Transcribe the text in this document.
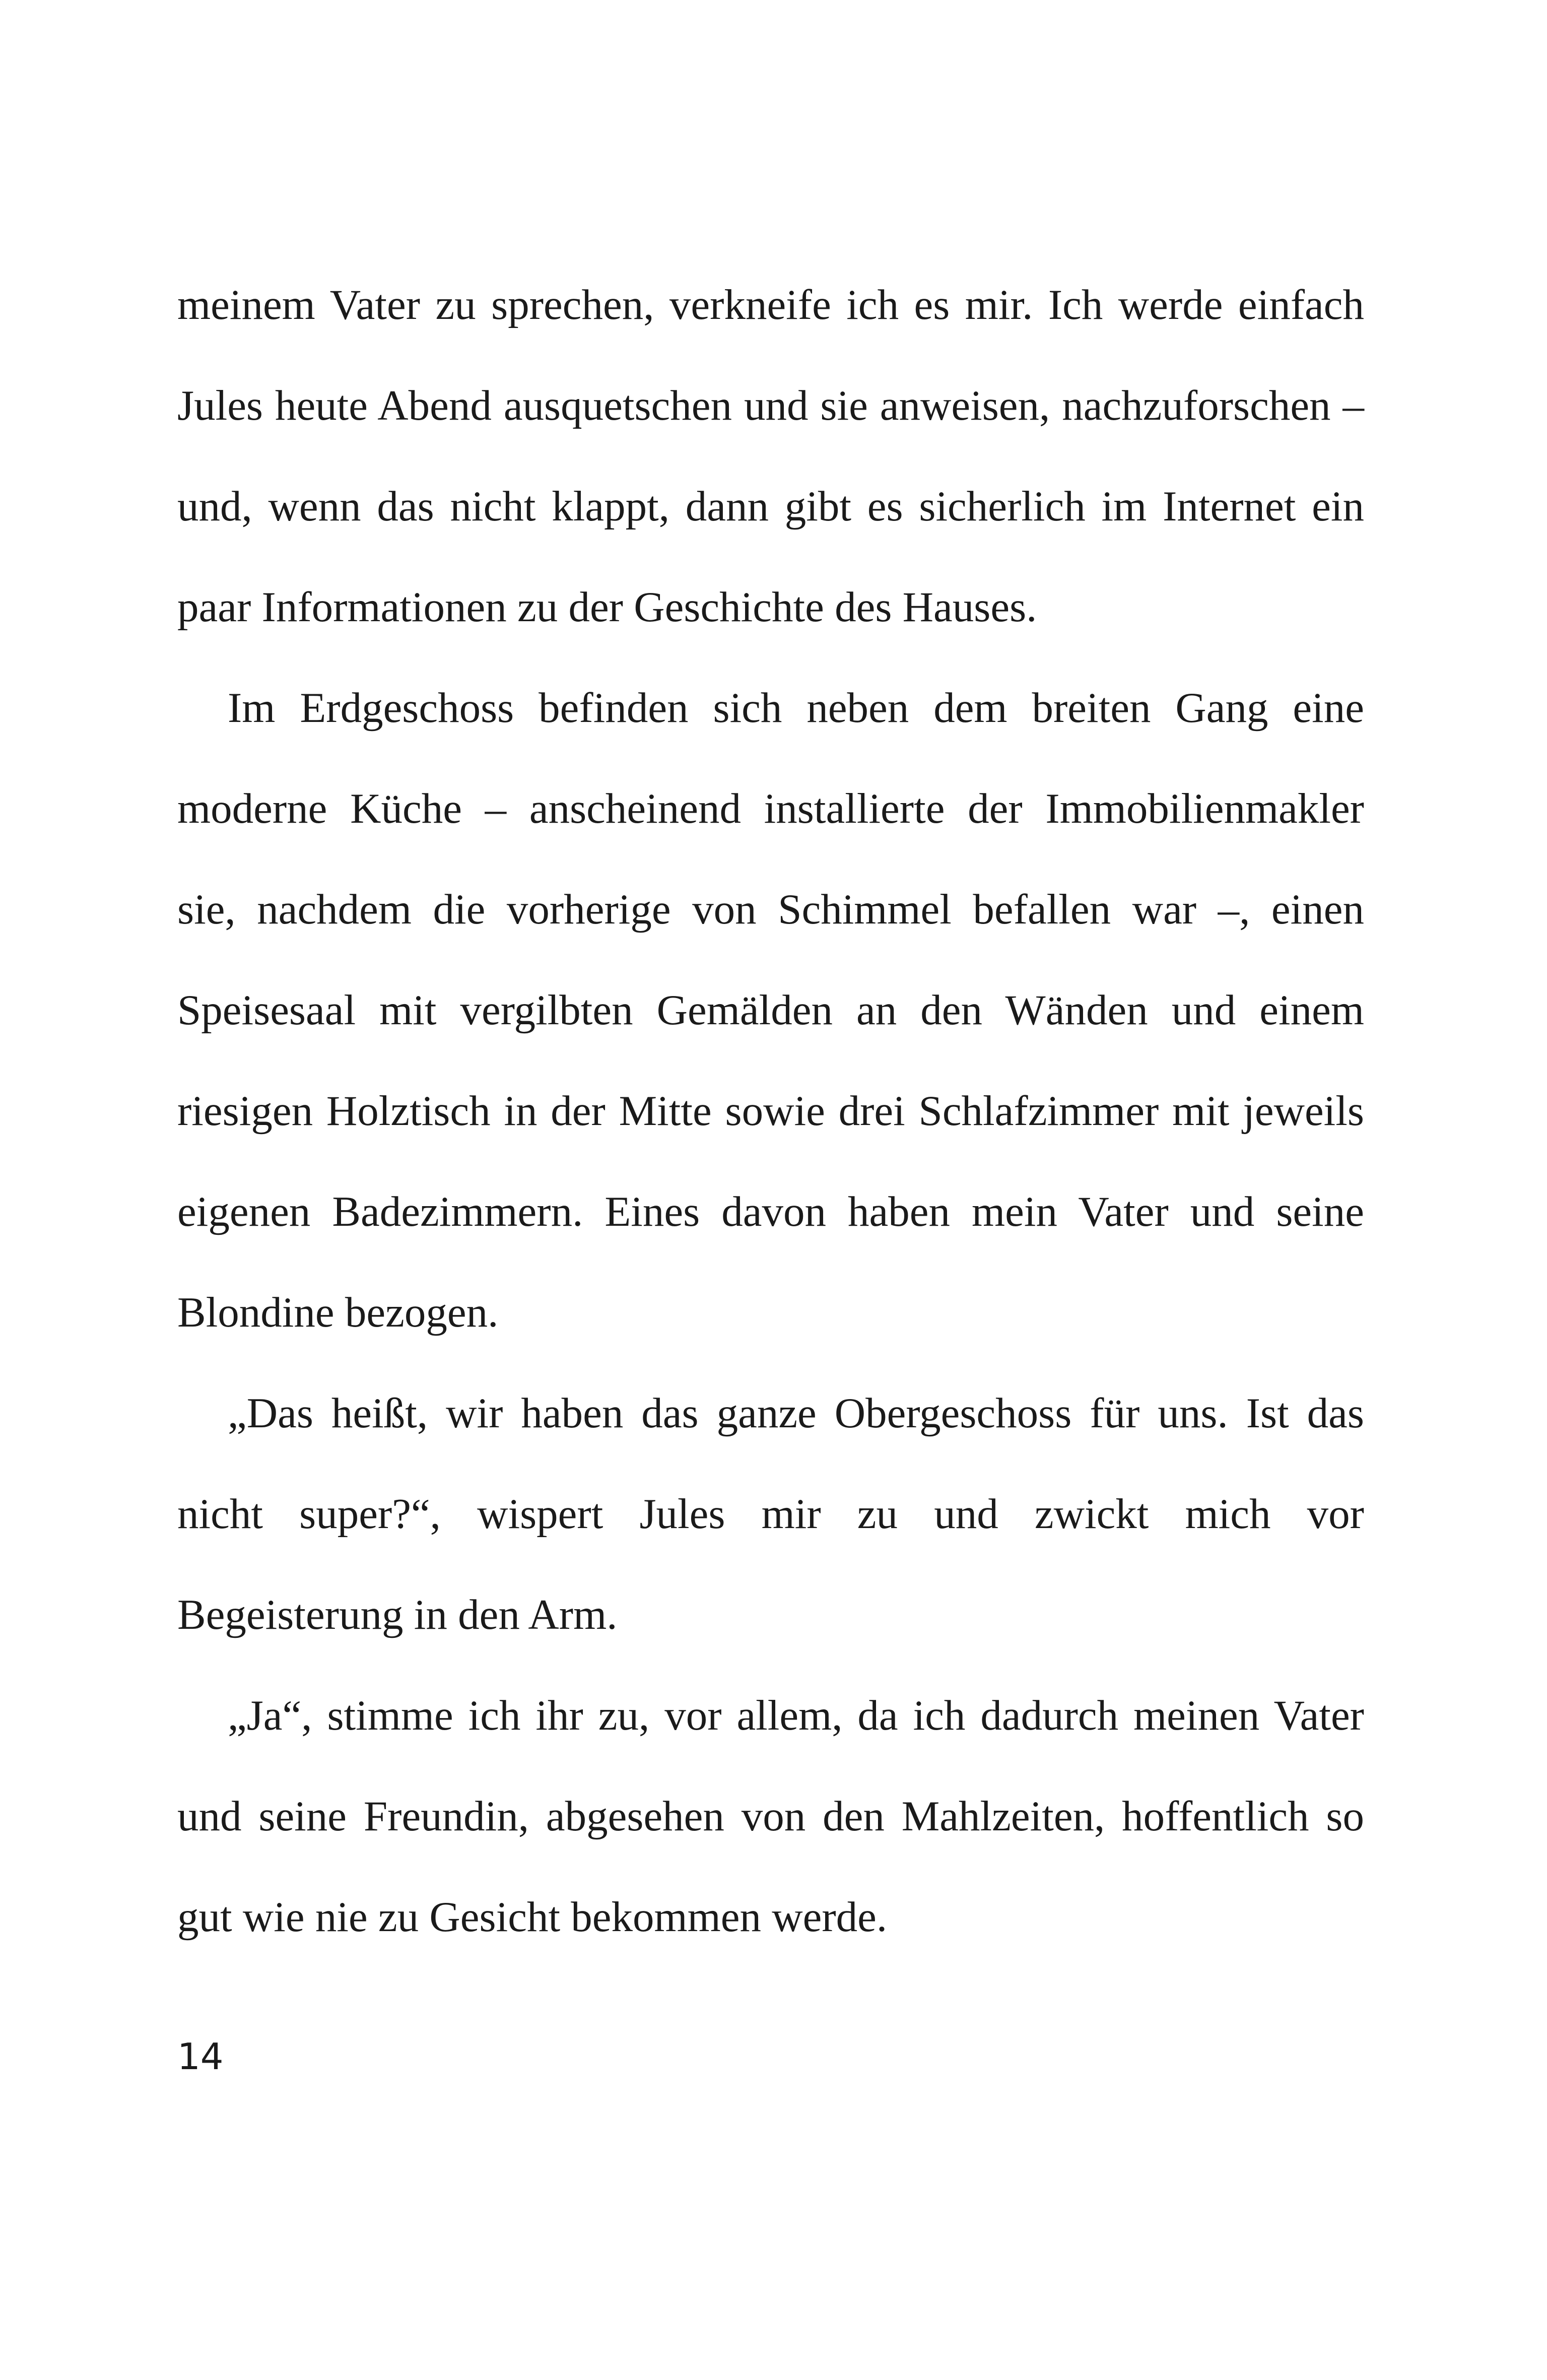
meinem Vater zu sprechen, verkneife ich es mir. Ich werde einfach
Jules heute Abend ausquetschen und sie anweisen, nachzuforschen –
und, wenn das nicht klappt, dann gibt es sicherlich im Internet ein
paar Informationen zu der Geschichte des Hauses.
Im Erdgeschoss befinden sich neben dem breiten Gang eine
moderne Küche – anscheinend installierte der Immobilienmakler
sie, nachdem die vorherige von Schimmel befallen war –, einen
Speisesaal mit vergilbten Gemälden an den Wänden und einem
riesigen Holztisch in der Mitte sowie drei Schlafzimmer mit jeweils
eigenen Badezimmern. Eines davon haben mein Vater und seine
Blondine bezogen.
„Das heißt, wir haben das ganze Obergeschoss für uns. Ist das
nicht super?“, wispert Jules mir zu und zwickt mich vor
Begeisterung in den Arm.
„Ja“, stimme ich ihr zu, vor allem, da ich dadurch meinen Vater
und seine Freundin, abgesehen von den Mahlzeiten, hoffentlich so
gut wie nie zu Gesicht bekommen werde.
14
